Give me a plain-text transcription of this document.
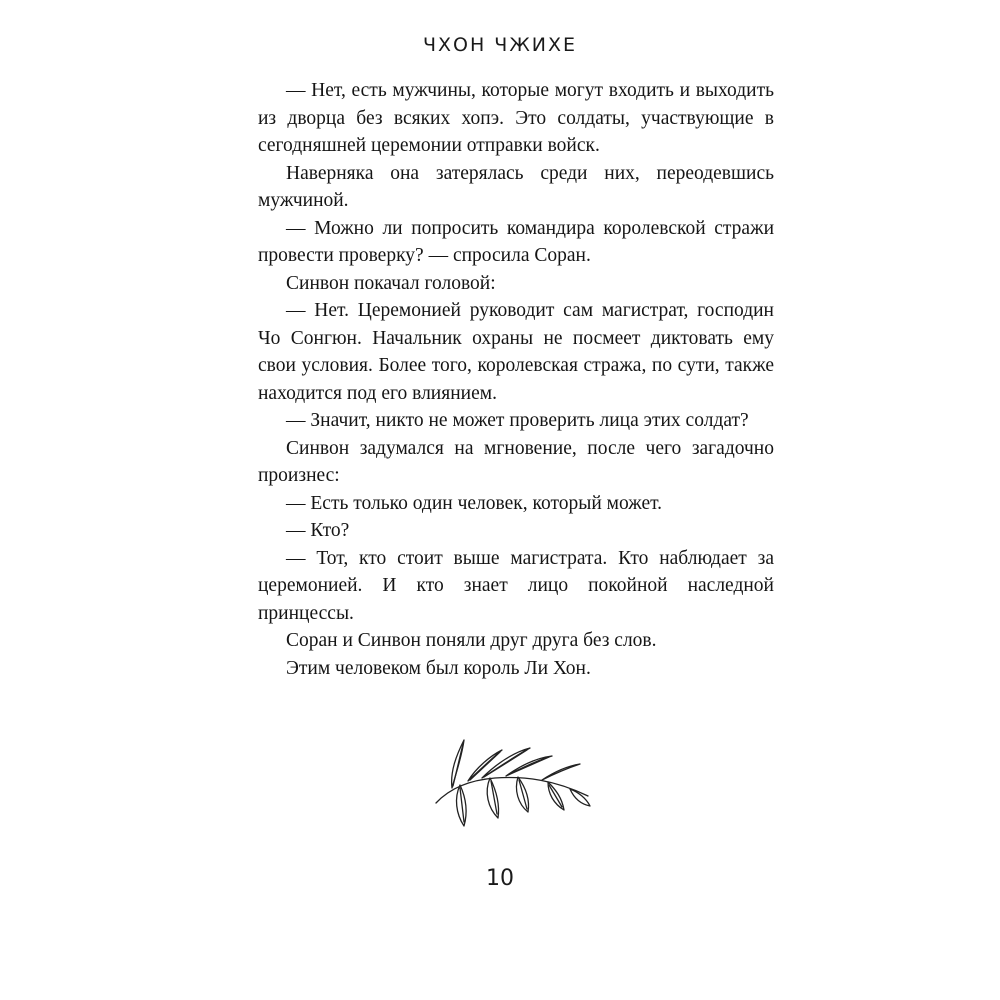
ЧХОН ЧЖИХЕ

— Нет, есть мужчины, которые могут входить и выходить из дворца без всяких хопэ. Это солдаты, участвующие в сегодняшней церемонии отправки войск.

Наверняка она затерялась среди них, переодевшись мужчиной.

— Можно ли попросить командира королевской стражи провести проверку? — спросила Соран.

Синвон покачал головой:

— Нет. Церемонией руководит сам магистрат, господин Чо Сонгюн. Начальник охраны не посмеет диктовать ему свои условия. Более того, королевская стража, по сути, также находится под его влиянием.

— Значит, никто не может проверить лица этих солдат?

Синвон задумался на мгновение, после чего загадочно произнес:

— Есть только один человек, который может.

— Кто?

— Тот, кто стоит выше магистрата. Кто наблюдает за церемонией. И кто знает лицо покойной наследной принцессы.

Соран и Синвон поняли друг друга без слов.

Этим человеком был король Ли Хон.

10
